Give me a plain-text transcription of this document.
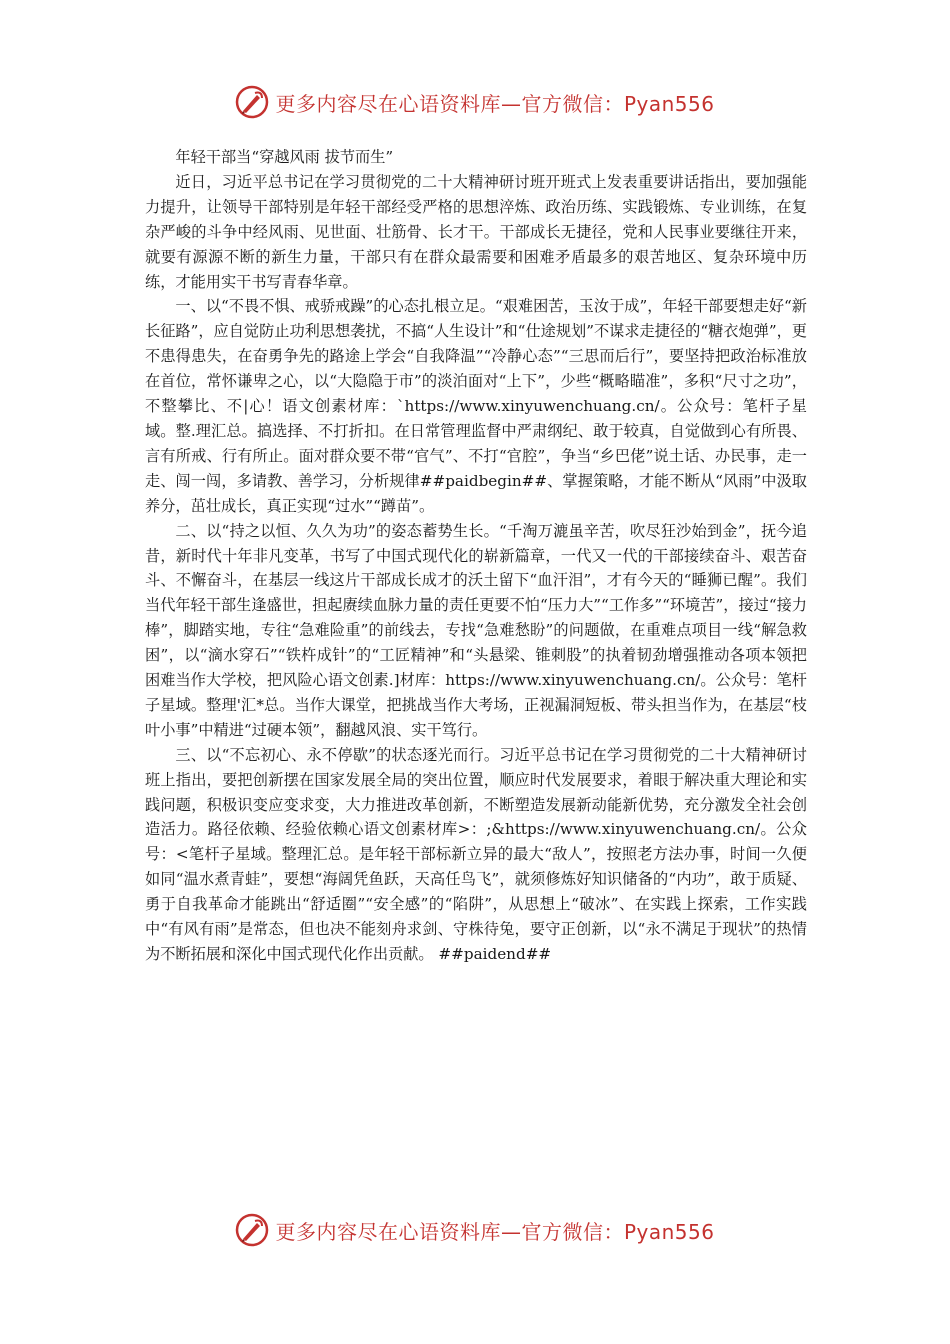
更多内容尽在心语资料库—官方微信：Pyan556

年轻干部当“穿越风雨 拔节而生”

近日，习近平总书记在学习贯彻党的二十大精神研讨班开班式上发表重要讲话指出，要加强能力提升，让领导干部特别是年轻干部经受严格的思想淬炼、政治历练、实践锻炼、专业训练，在复杂严峻的斗争中经风雨、见世面、壮筋骨、长才干。干部成长无捷径，党和人民事业要继往开来，就要有源源不断的新生力量，干部只有在群众最需要和困难矛盾最多的艰苦地区、复杂环境中历练，才能用实干书写青春华章。

一、以“不畏不惧、戒骄戒躁”的心态扎根立足。“艰难困苦，玉汝于成”，年轻干部要想走好“新长征路”，应自觉防止功利思想袭扰，不搞“人生设计”和“仕途规划”不谋求走捷径的“糖衣炮弹”，更不患得患失，在奋勇争先的路途上学会“自我降温”“冷静心态”“三思而后行”，要坚持把政治标准放在首位，常怀谦卑之心，以“大隐隐于市”的淡泊面对“上下”，少些“概略瞄准”，多积“尺寸之功”，不整攀比、不|心！语文创素材库：`https://www.xinyuwenchuang.cn/。公众号：笔杆子星域。整.理汇总。搞选择、不打折扣。在日常管理监督中严肃纲纪、敢于较真，自觉做到心有所畏、言有所戒、行有所止。面对群众要不带“官气”、不打“官腔”，争当“乡巴佬”说土话、办民事，走一走、闯一闯，多请教、善学习，分析规律##paidbegin##、掌握策略，才能不断从“风雨”中汲取养分，茁壮成长，真正实现“过水”“蹲苗”。

二、以“持之以恒、久久为功”的姿态蓄势生长。“千淘万漉虽辛苦，吹尽狂沙始到金”，抚今追昔，新时代十年非凡变革，书写了中国式现代化的崭新篇章，一代又一代的干部接续奋斗、艰苦奋斗、不懈奋斗，在基层一线这片干部成长成才的沃土留下“血汗泪”，才有今天的“睡狮已醒”。我们当代年轻干部生逢盛世，担起赓续血脉力量的责任更要不怕“压力大”“工作多”“环境苦”，接过“接力棒”，脚踏实地，专往“急难险重”的前线去，专找“急难愁盼”的问题做，在重难点项目一线“解急救困”，以“滴水穿石”“铁杵成针”的“工匠精神”和“头悬梁、锥刺股”的执着韧劲增强推动各项本领把困难当作大学校，把风险心语文创素.]材库：https://www.xinyuwenchuang.cn/。公众号：笔杆子星域。整理'汇*总。当作大课堂，把挑战当作大考场，正视漏洞短板、带头担当作为，在基层“枝叶小事”中精进“过硬本领”，翻越风浪、实干笃行。

三、以“不忘初心、永不停歇”的状态逐光而行。习近平总书记在学习贯彻党的二十大精神研讨班上指出，要把创新摆在国家发展全局的突出位置，顺应时代发展要求，着眼于解决重大理论和实践问题，积极识变应变求变，大力推进改革创新，不断塑造发展新动能新优势，充分激发全社会创造活力。路径依赖、经验依赖心语文创素材库>：;&https://www.xinyuwenchuang.cn/。公众号：<笔杆子星域。整理汇总。是年轻干部标新立异的最大“敌人”，按照老方法办事，时间一久便如同“温水煮青蛙”，要想“海阔凭鱼跃，天高任鸟飞”，就须修炼好知识储备的“内功”，敢于质疑、勇于自我革命才能跳出“舒适圈”“安全感”的“陷阱”，从思想上“破冰”、在实践上探索，工作实践中“有风有雨”是常态，但也决不能刻舟求剑、守株待兔，要守正创新，以“永不满足于现状”的热情为不断拓展和深化中国式现代化作出贡献。 ##paidend##

更多内容尽在心语资料库—官方微信：Pyan556
